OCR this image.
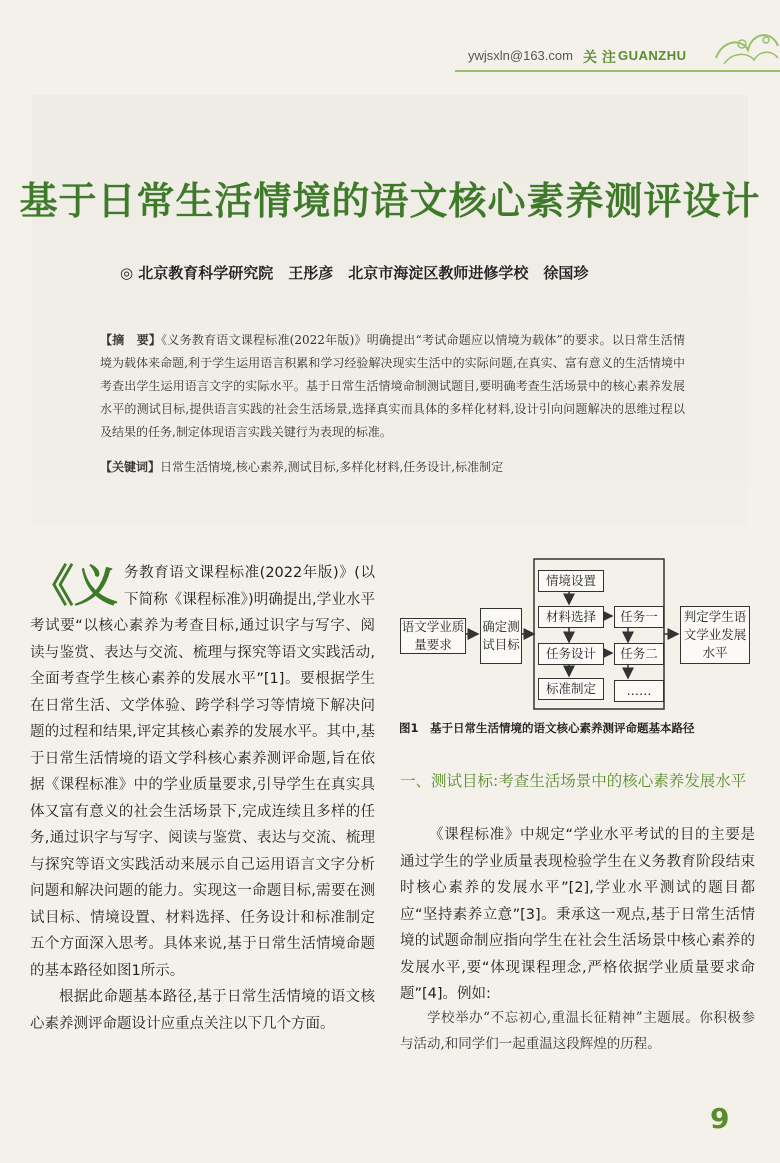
ywjsxln@163.com 关 注 GUANZHU
基于日常生活情境的语文核心素养测评设计
◎ 北京教育科学研究院　王彤彦　北京市海淀区教师进修学校　徐国珍
【摘　要】《义务教育语文课程标准(2022年版)》明确提出“考试命题应以情境为载体”的要求。以日常生活情境为载体来命题,利于学生运用语言积累和学习经验解决现实生活中的实际问题,在真实、富有意义的生活情境中考查出学生运用语言文字的实际水平。基于日常生活情境命制测试题目,要明确考查生活场景中的核心素养发展水平的测试目标,提供语言实践的社会生活场景,选择真实而具体的多样化材料,设计引向问题解决的思维过程以及结果的任务,制定体现语言实践关键行为表现的标准。
【关键词】日常生活情境,核心素养,测试目标,多样化材料,任务设计,标准制定

《义务教育语文课程标准(2022年版)》(以下简称《课程标准》)明确提出,学业水平考试要“以核心素养为考查目标,通过识字与写字、阅读与鉴赏、表达与交流、梳理与探究等语文实践活动,全面考查学生核心素养的发展水平”[1]。要根据学生在日常生活、文学体验、跨学科学习等情境下解决问题的过程和结果,评定其核心素养的发展水平。其中,基于日常生活情境的语文学科核心素养测评命题,旨在依据《课程标准》中的学业质量要求,引导学生在真实具体又富有意义的社会生活场景下,完成连续且多样的任务,通过识字与写字、阅读与鉴赏、表达与交流、梳理与探究等语文实践活动来展示自己运用语言文字分析问题和解决问题的能力。实现这一命题目标,需要在测试目标、情境设置、材料选择、任务设计和标准制定五个方面深入思考。具体来说,基于日常生活情境命题的基本路径如图1所示。

根据此命题基本路径,基于日常生活情境的语文核心素养测评命题设计应重点关注以下几个方面。

语文学业质量要求
确定测试目标
情境设置
材料选择
任务设计
标准制定
任务一
任务二
……
判定学生语文学业发展水平
图1　基于日常生活情境的语文核心素养测评命题基本路径
一、测试目标:考查生活场景中的核心素养发展水平

《课程标准》中规定“学业水平考试的目的主要是通过学生的学业质量表现检验学生在义务教育阶段结束时核心素养的发展水平”[2],学业水平测试的题目都应“坚持素养立意”[3]。秉承这一观点,基于日常生活情境的试题命制应指向学生在社会生活场景中核心素养的发展水平,要“体现课程理念,严格依据学业质量要求命题”[4]。例如:

学校举办“不忘初心,重温长征精神”主题展。你积极参与活动,和同学们一起重温这段辉煌的历程。
9
